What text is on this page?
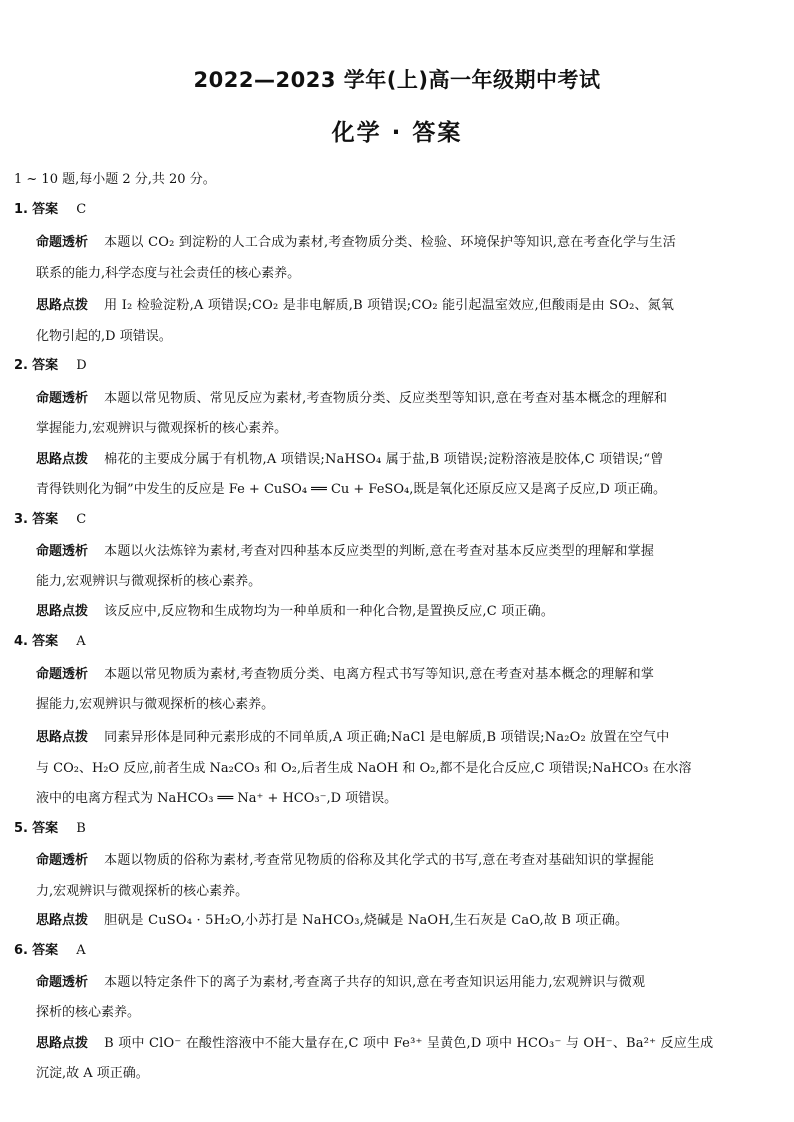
2022—2023 学年(上)高一年级期中考试
化学 · 答案
1 ~ 10 题,每小题 2 分,共 20 分。
1. 答案 C
命题透析 本题以 CO₂ 到淀粉的人工合成为素材,考查物质分类、检验、环境保护等知识,意在考查化学与生活
联系的能力,科学态度与社会责任的核心素养。
思路点拨 用 I₂ 检验淀粉,A 项错误;CO₂ 是非电解质,B 项错误;CO₂ 能引起温室效应,但酸雨是由 SO₂、氮氧
化物引起的,D 项错误。
2. 答案 D
命题透析 本题以常见物质、常见反应为素材,考查物质分类、反应类型等知识,意在考查对基本概念的理解和
掌握能力,宏观辨识与微观探析的核心素养。
思路点拨 棉花的主要成分属于有机物,A 项错误;NaHSO₄ 属于盐,B 项错误;淀粉溶液是胶体,C 项错误;“曾
青得铁则化为铜”中发生的反应是 Fe + CuSO₄ ══ Cu + FeSO₄,既是氧化还原反应又是离子反应,D 项正确。
3. 答案 C
命题透析 本题以火法炼锌为素材,考查对四种基本反应类型的判断,意在考查对基本反应类型的理解和掌握
能力,宏观辨识与微观探析的核心素养。
思路点拨 该反应中,反应物和生成物均为一种单质和一种化合物,是置换反应,C 项正确。
4. 答案 A
命题透析 本题以常见物质为素材,考查物质分类、电离方程式书写等知识,意在考查对基本概念的理解和掌
握能力,宏观辨识与微观探析的核心素养。
思路点拨 同素异形体是同种元素形成的不同单质,A 项正确;NaCl 是电解质,B 项错误;Na₂O₂ 放置在空气中
与 CO₂、H₂O 反应,前者生成 Na₂CO₃ 和 O₂,后者生成 NaOH 和 O₂,都不是化合反应,C 项错误;NaHCO₃ 在水溶
液中的电离方程式为 NaHCO₃ ══ Na⁺ + HCO₃⁻,D 项错误。
5. 答案 B
命题透析 本题以物质的俗称为素材,考查常见物质的俗称及其化学式的书写,意在考查对基础知识的掌握能
力,宏观辨识与微观探析的核心素养。
思路点拨 胆矾是 CuSO₄ · 5H₂O,小苏打是 NaHCO₃,烧碱是 NaOH,生石灰是 CaO,故 B 项正确。
6. 答案 A
命题透析 本题以特定条件下的离子为素材,考查离子共存的知识,意在考查知识运用能力,宏观辨识与微观
探析的核心素养。
思路点拨 B 项中 ClO⁻ 在酸性溶液中不能大量存在,C 项中 Fe³⁺ 呈黄色,D 项中 HCO₃⁻ 与 OH⁻、Ba²⁺ 反应生成
沉淀,故 A 项正确。
